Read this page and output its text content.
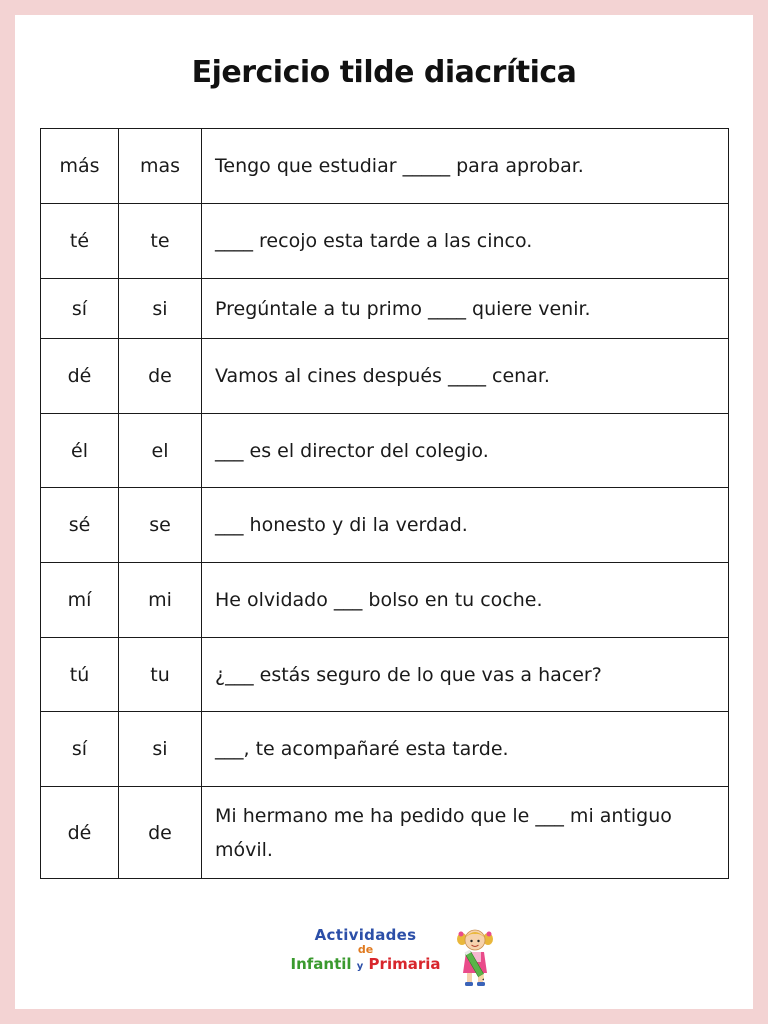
Ejercicio tilde diacrítica
más	mas	Tengo que estudiar _____ para aprobar.
té	te	____ recojo esta tarde a las cinco.
sí	si	Pregúntale a tu primo ____ quiere venir.
dé	de	Vamos al cines después ____ cenar.
él	el	___ es el director del colegio.
sé	se	___ honesto y di la verdad.
mí	mi	He olvidado ___ bolso en tu coche.
tú	tu	¿___ estás seguro de lo que vas a hacer?
sí	si	___, te acompañaré esta tarde.
dé	de	Mi hermano me ha pedido que le ___ mi antiguo móvil.
Actividades
de
Infantil y Primaria
